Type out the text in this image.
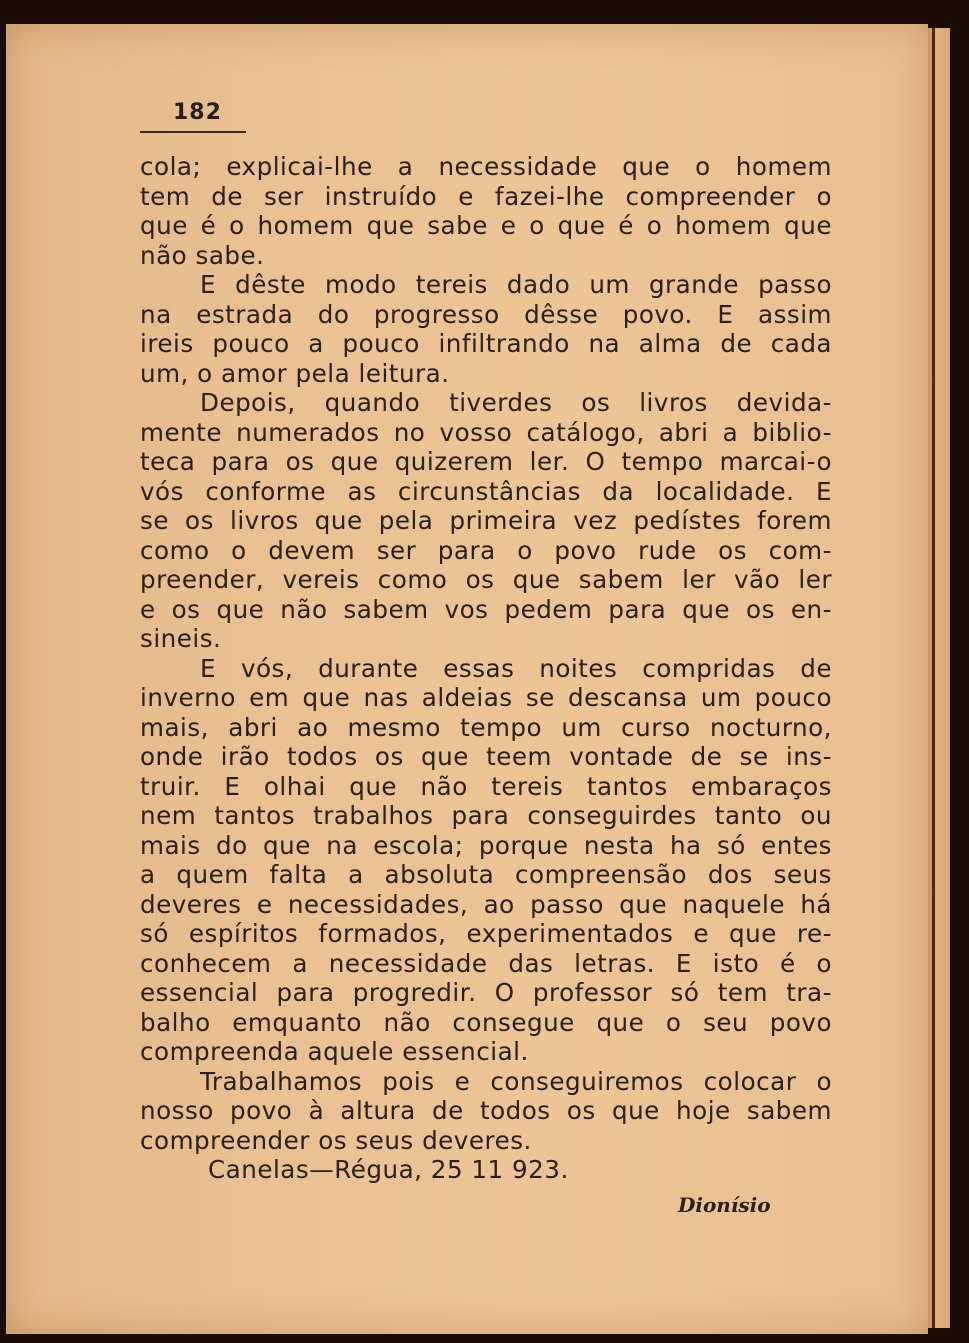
182
cola; explicai-lhe a necessidade que o homem
tem de ser instruído e fazei-lhe compreender o
que é o homem que sabe e o que é o homem que
não sabe.
E dêste modo tereis dado um grande passo
na estrada do progresso dêsse povo. E assim
ireis pouco a pouco infiltrando na alma de cada
um, o amor pela leitura.
Depois, quando tiverdes os livros devida-
mente numerados no vosso catálogo, abri a biblio-
teca para os que quizerem ler. O tempo marcai-o
vós conforme as circunstâncias da localidade. E
se os livros que pela primeira vez pedístes forem
como o devem ser para o povo rude os com-
preender, vereis como os que sabem ler vão ler
e os que não sabem vos pedem para que os en-
sineis.
E vós, durante essas noites compridas de
inverno em que nas aldeias se descansa um pouco
mais, abri ao mesmo tempo um curso nocturno,
onde irão todos os que teem vontade de se ins-
truir. E olhai que não tereis tantos embaraços
nem tantos trabalhos para conseguirdes tanto ou
mais do que na escola; porque nesta ha só entes
a quem falta a absoluta compreensão dos seus
deveres e necessidades, ao passo que naquele há
só espíritos formados, experimentados e que re-
conhecem a necessidade das letras. E isto é o
essencial para progredir. O professor só tem tra-
balho emquanto não consegue que o seu povo
compreenda aquele essencial.
Trabalhamos pois e conseguiremos colocar o
nosso povo à altura de todos os que hoje sabem
compreender os seus deveres.
Canelas—Régua, 25 11 923.
Dionísio
